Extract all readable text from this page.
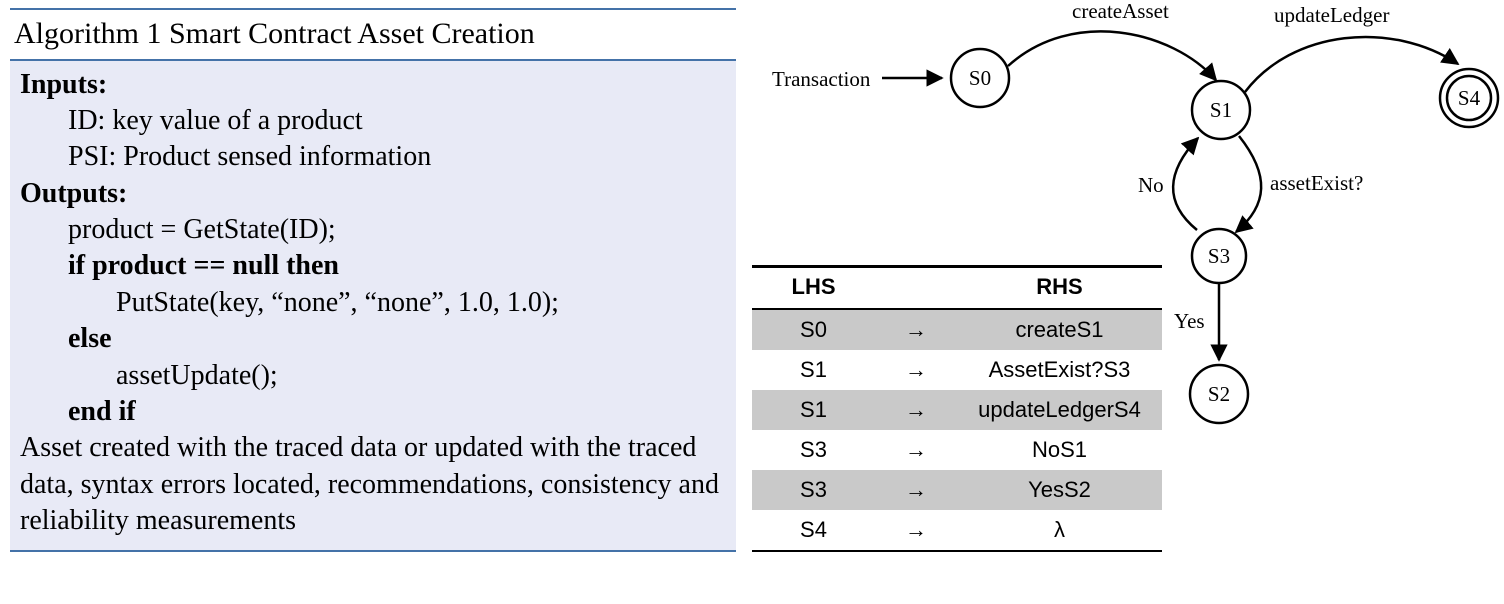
Algorithm 1 Smart Contract Asset Creation
Inputs:
ID: key value of a product
PSI: Product sensed information
Outputs:
product = GetState(ID);
if product == null then
PutState(key, “none”, “none”, 1.0, 1.0);
else
assetUpdate();
end if
Asset created with the traced data or updated with the traced data, syntax errors located, recommendations, consistency and reliability measurements
Transaction	S0
createAsset
S1
updateLedger
S4
assetExist?
No
S3
Yes
S2
LHS		RHS
S0	→	createS1
S1	→	AssetExist?S3
S1	→	updateLedgerS4
S3	→	NoS1
S3	→	YesS2
S4	→	λ
